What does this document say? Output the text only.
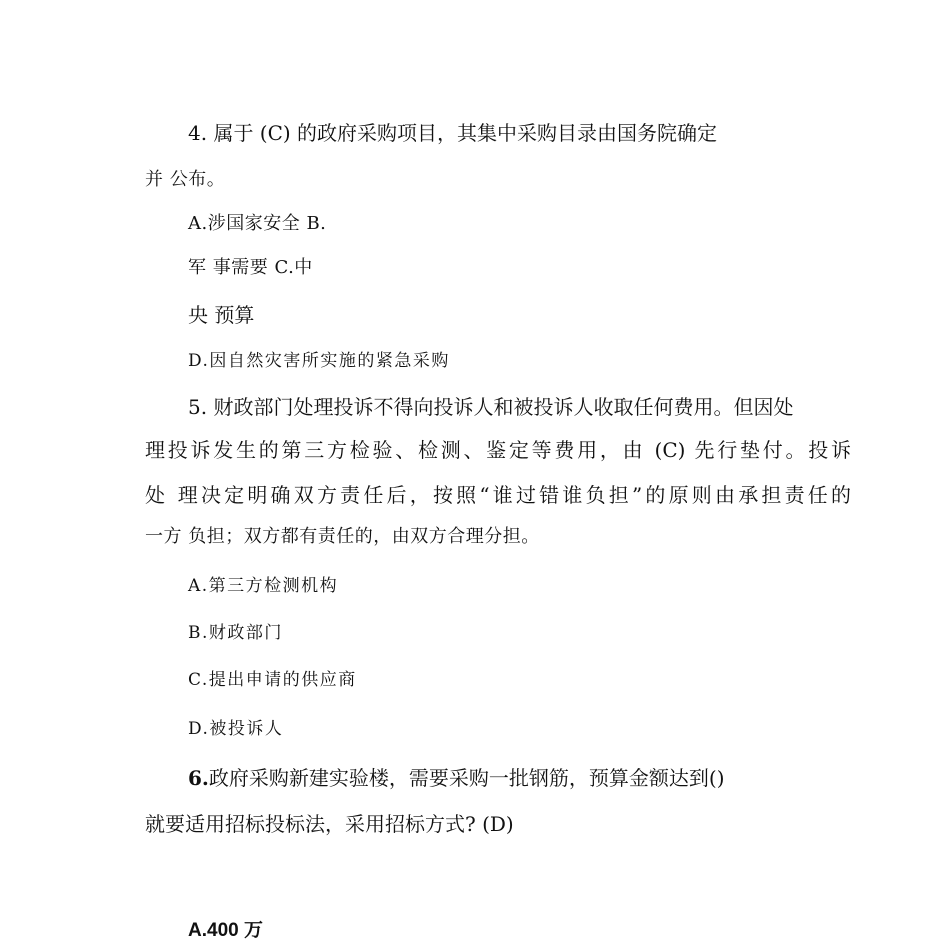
4. 属于 (C) 的政府采购项目，其集中采购目录由国务院确定
并 公布。
A.涉国家安全 B.
军 事需要 C.中
央 预算
D.因自然灾害所实施的紧急采购
5. 财政部门处理投诉不得向投诉人和被投诉人收取任何费用。但因处
理投诉发生的第三方检验、检测、鉴定等费用，由 (C) 先行垫付。投诉
处 理决定明确双方责任后，按照“谁过错谁负担”的原则由承担责任的
一方 负担；双方都有责任的，由双方合理分担。
A.第三方检测机构
B.财政部门
C.提出申请的供应商
D.被投诉人
6.政府采购新建实验楼，需要采购一批钢筋，预算金额达到()
就要适用招标投标法，采用招标方式? (D)
A.400 万
